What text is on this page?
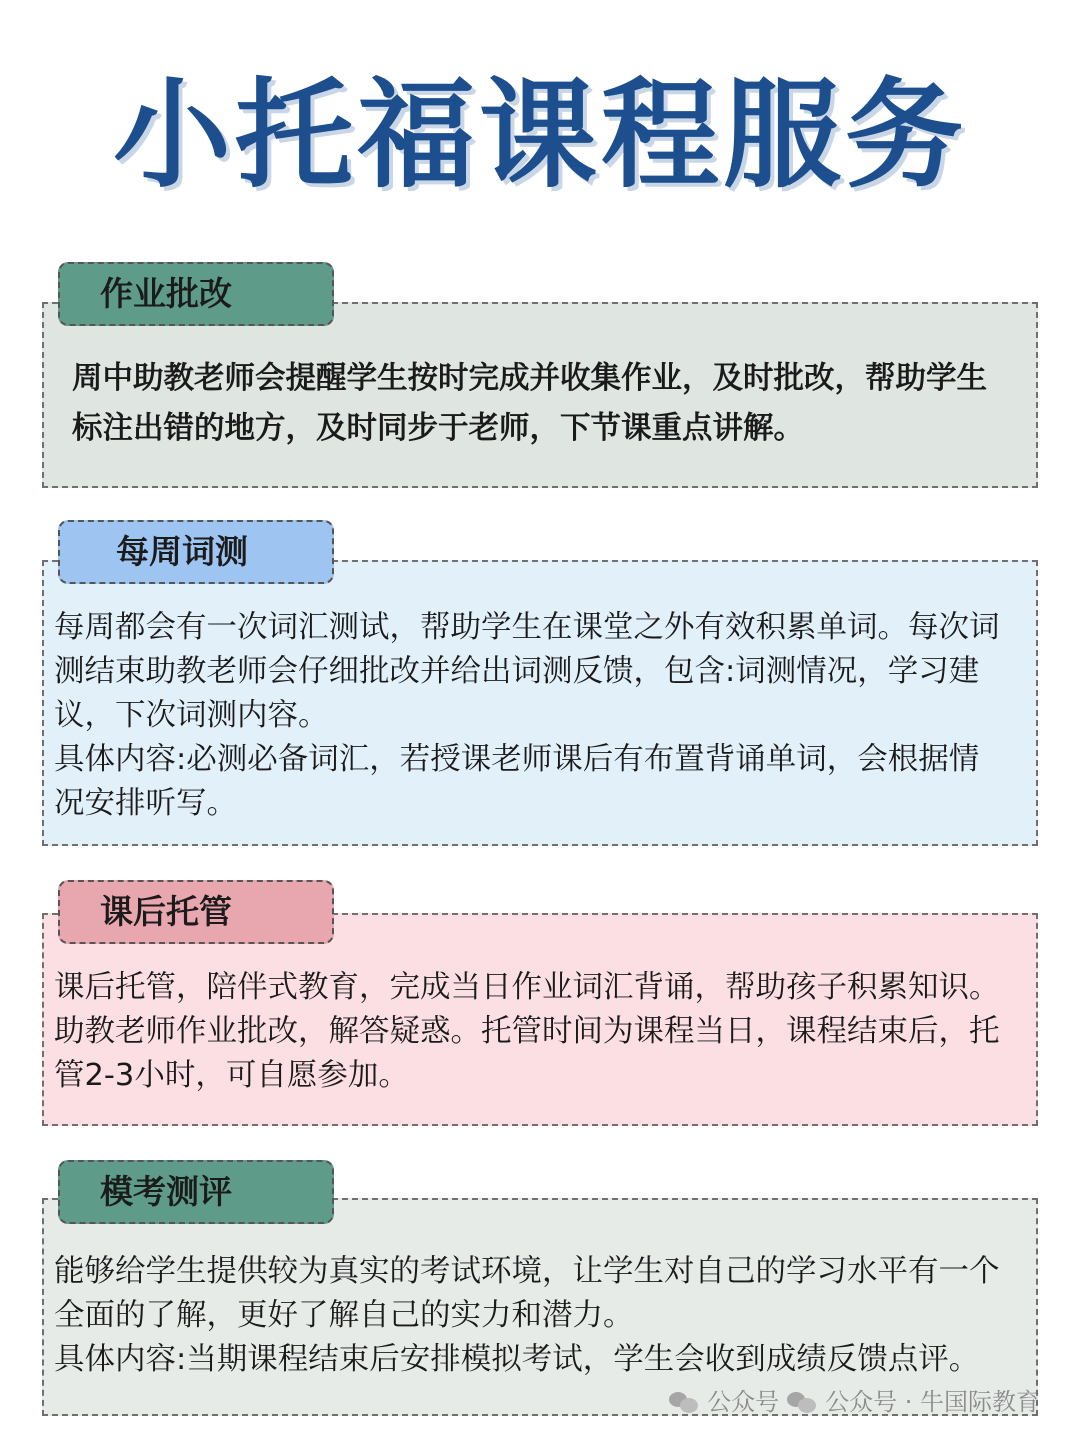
小托福课程服务
作业批改
周中助教老师会提醒学生按时完成并收集作业，及时批改，帮助学生
标注出错的地方，及时同步于老师，下节课重点讲解。
每周词测
每周都会有一次词汇测试，帮助学生在课堂之外有效积累单词。每次词
测结束助教老师会仔细批改并给出词测反馈，包含:词测情况，学习建
议，下次词测内容。
具体内容:必测必备词汇，若授课老师课后有布置背诵单词，会根据情
况安排听写。
课后托管
课后托管，陪伴式教育，完成当日作业词汇背诵，帮助孩子积累知识。
助教老师作业批改，解答疑惑。托管时间为课程当日，课程结束后，托
管2-3小时，可自愿参加。
模考测评
能够给学生提供较为真实的考试环境，让学生对自己的学习水平有一个
全面的了解，更好了解自己的实力和潜力。
具体内容:当期课程结束后安排模拟考试，学生会收到成绩反馈点评。
公众号 公众号 · 牛国际教育
